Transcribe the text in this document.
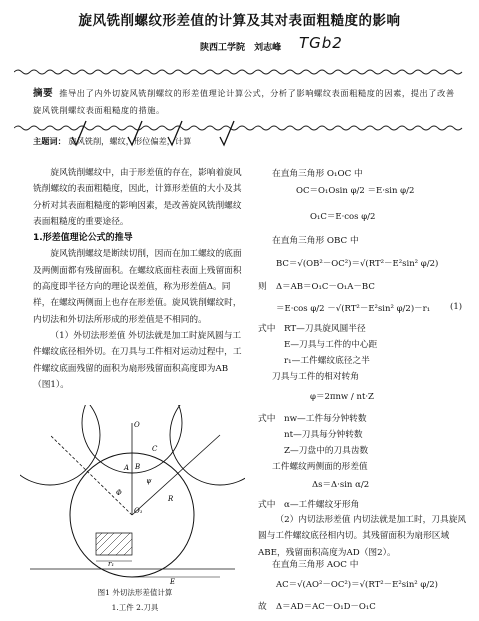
旋风铣削螺纹形差值的计算及其对表面粗糙度的影响
陕西工学院 刘志峰	TGb2
摘要 推导出了内外切旋风铣削螺纹的形差值理论计算公式，分析了影响螺纹表面粗糙度的因素，提出了改善旋风铣削螺纹表面粗糙度的措施。
主题词： 旋风铣削，螺纹，形位偏差，计算

旋风铣削螺纹中，由于形差值的存在，影响着旋风铣削螺纹的表面粗糙度，因此，计算形差值的大小及其分析对其表面粗糙度的影响因素，是改善旋风铣削螺纹表面粗糙度的重要途径。

1.形差值理论公式的推导

旋风铣削螺纹是断续切削，因而在加工螺纹的底面及两侧面都有残留面积。在螺纹底面柱表面上残留面积的高度即半径方向的理论误差值，称为形差值Δ。同样，在螺纹两侧面上也存在形差值。旋风铣削螺纹时，内切法和外切法所形成的形差值是不相同的。

（1）外切法形差值 外切法就是加工时旋风圆与工件螺纹底径相外切。在刀具与工件相对运动过程中，工件螺纹底面残留的面积为扇形残留面积高度即为AB（图1）。

O₁
O
A B
C
R
r₁
E
ψ
Φ
图1 外切法形差值计算
1.工件 2.刀具
在直角三角形 O₁OC 中
OC＝O₁Osin φ/2 ＝E·sin φ/2
O₁C＝E·cos φ/2
在直角三角形 OBC 中
BC＝√(OB²－OC²)＝√(RT²－E²sin² φ/2)
则 Δ＝AB＝O₁C－O₁A－BC
＝E·cos φ/2 －√(RT²－E²sin² φ/2)－r₁ (1)
式中 RT—刀具旋风圆半径
E—刀具与工件的中心距
r₁—工件螺纹底径之半
刀具与工件的相对转角
φ＝2πnw / nt·Z
式中 nw—工件每分钟转数
nt—刀具每分钟转数
Z—刀盘中的刀具齿数
工件螺纹两侧面的形差值
Δs＝Δ·sin α/2
式中 α—工件螺纹牙形角
（2）内切法形差值 内切法就是加工时，刀具旋风圆与工件螺纹底径相内切。其残留面积为扇形区域ABE，残留面积高度为AD（图2）。
在直角三角形 AOC 中
AC＝√(AO²－OC²)＝√(RT²－E²sin² φ/2)
故 Δ＝AD＝AC－O₁D－O₁C
